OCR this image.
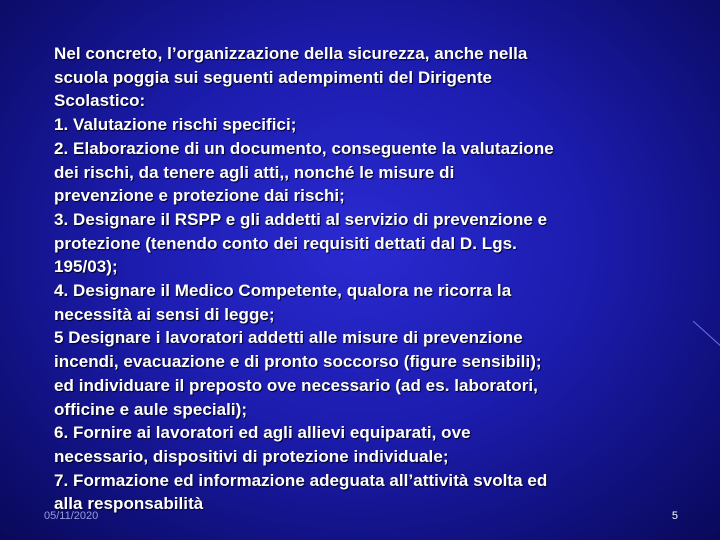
Nel concreto, l’organizzazione della sicurezza, anche nella
scuola poggia sui seguenti adempimenti del Dirigente
Scolastico:
1. Valutazione rischi specifici;
2. Elaborazione di un documento, conseguente la valutazione
dei rischi, da tenere agli atti,, nonché le misure di
prevenzione e protezione dai rischi;
3. Designare il RSPP e gli addetti al servizio di prevenzione e
protezione (tenendo conto dei requisiti dettati dal D. Lgs.
195/03);
4. Designare il Medico Competente, qualora ne ricorra la
necessità ai sensi di legge;
5 Designare i lavoratori addetti alle misure di prevenzione
incendi, evacuazione e di pronto soccorso (figure sensibili);
ed individuare il preposto ove necessario (ad es. laboratori,
officine e aule speciali);
6. Fornire ai lavoratori ed agli allievi equiparati, ove
necessario, dispositivi di protezione individuale;
7. Formazione ed informazione adeguata all’attività svolta ed
alla responsabilità
05/11/2020	5
